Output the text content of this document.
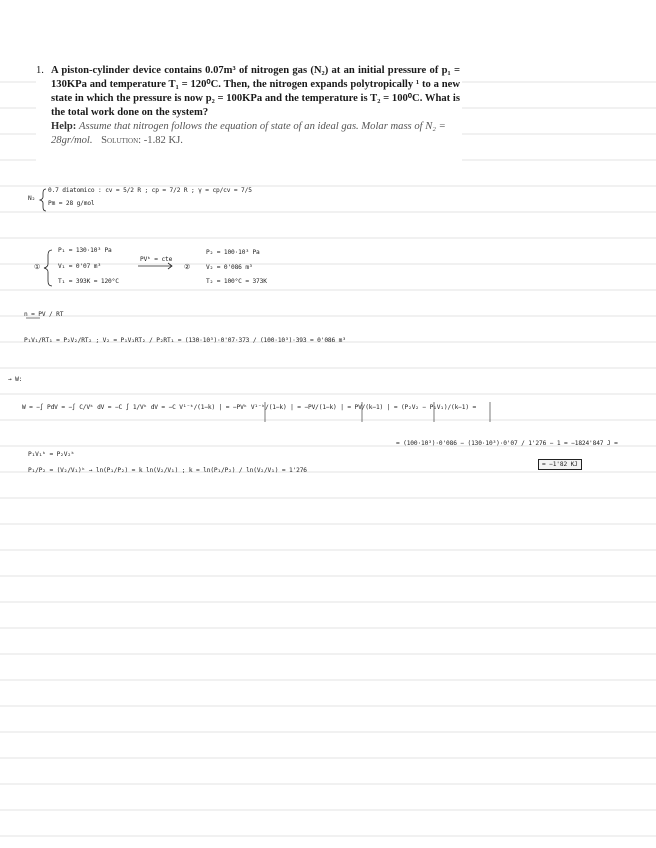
1. A piston-cylinder device contains 0.07m³ of nitrogen gas (N₂) at an initial pressure of p₁ = 130KPa and temperature T₁ = 120⁰C. Then, the nitrogen expands polytropically ¹ to a new state in which the pressure is now p₂ = 100KPa and the temperature is T₂ = 100⁰C. What is the total work done on the system?
Help: Assume that nitrogen follows the equation of state of an ideal gas. Molar mass of N₂ = 28gr/mol. Solution: -1.82 KJ.
N₂
0.7 diatomico : cv = 5/2 R ; cp = 7/2 R ; γ = cp/cv = 7/5
Pm = 28 g/mol
①
P₁ = 130·10³ Pa
V₁ = 0'07 m³
T₁ = 393K = 120°C
PVᵏ = cte
②
P₂ = 100·10³ Pa
V₂ = 0'086 m³
T₂ = 100°C = 373K
n = PV / RT
P₁V₁/RT₁ = P₂V₂/RT₂ ; V₂ = P₁V₁RT₂ / P₂RT₁ = (130·10³)·0'07·373 / (100·10³)·393 = 0'086 m³
→ W:
W = −∫ PdV = −∫ C/Vᵏ dV = −C ∫ 1/Vᵏ dV = −C V¹⁻ᵏ/(1−k) | = −PVᵏ V¹⁻ᵏ/(1−k) | = −PV/(1−k) | = PV/(k−1) | = (P₂V₂ − P₁V₁)/(k−1) =
= (100·10³)·0'086 − (130·10³)·0'07 / 1'276 − 1 = −1824'847 J =
= −1'82 KJ
P₁V₁ᵏ = P₂V₂ᵏ
P₁/P₂ = (V₂/V₁)ᵏ → ln(P₁/P₂) = k ln(V₂/V₁) ; k = ln(P₁/P₂) / ln(V₂/V₁) = 1'276
